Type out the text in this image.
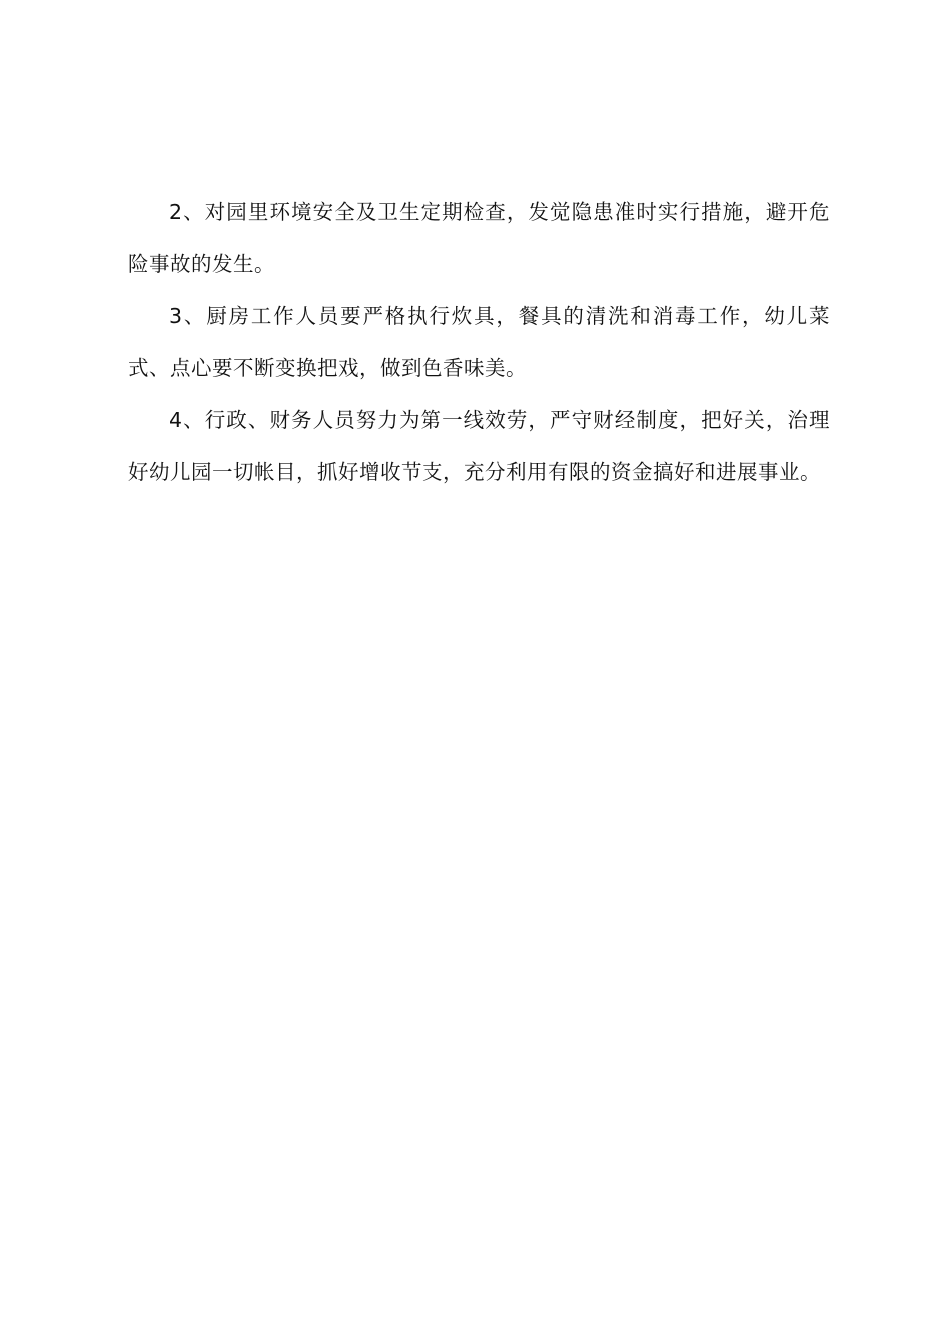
2、对园里环境安全及卫生定期检查，发觉隐患准时实行措施，避开危险事故的发生。

3、厨房工作人员要严格执行炊具，餐具的清洗和消毒工作，幼儿菜式、点心要不断变换把戏，做到色香味美。

4、行政、财务人员努力为第一线效劳，严守财经制度，把好关，治理好幼儿园一切帐目，抓好增收节支，充分利用有限的资金搞好和进展事业。
